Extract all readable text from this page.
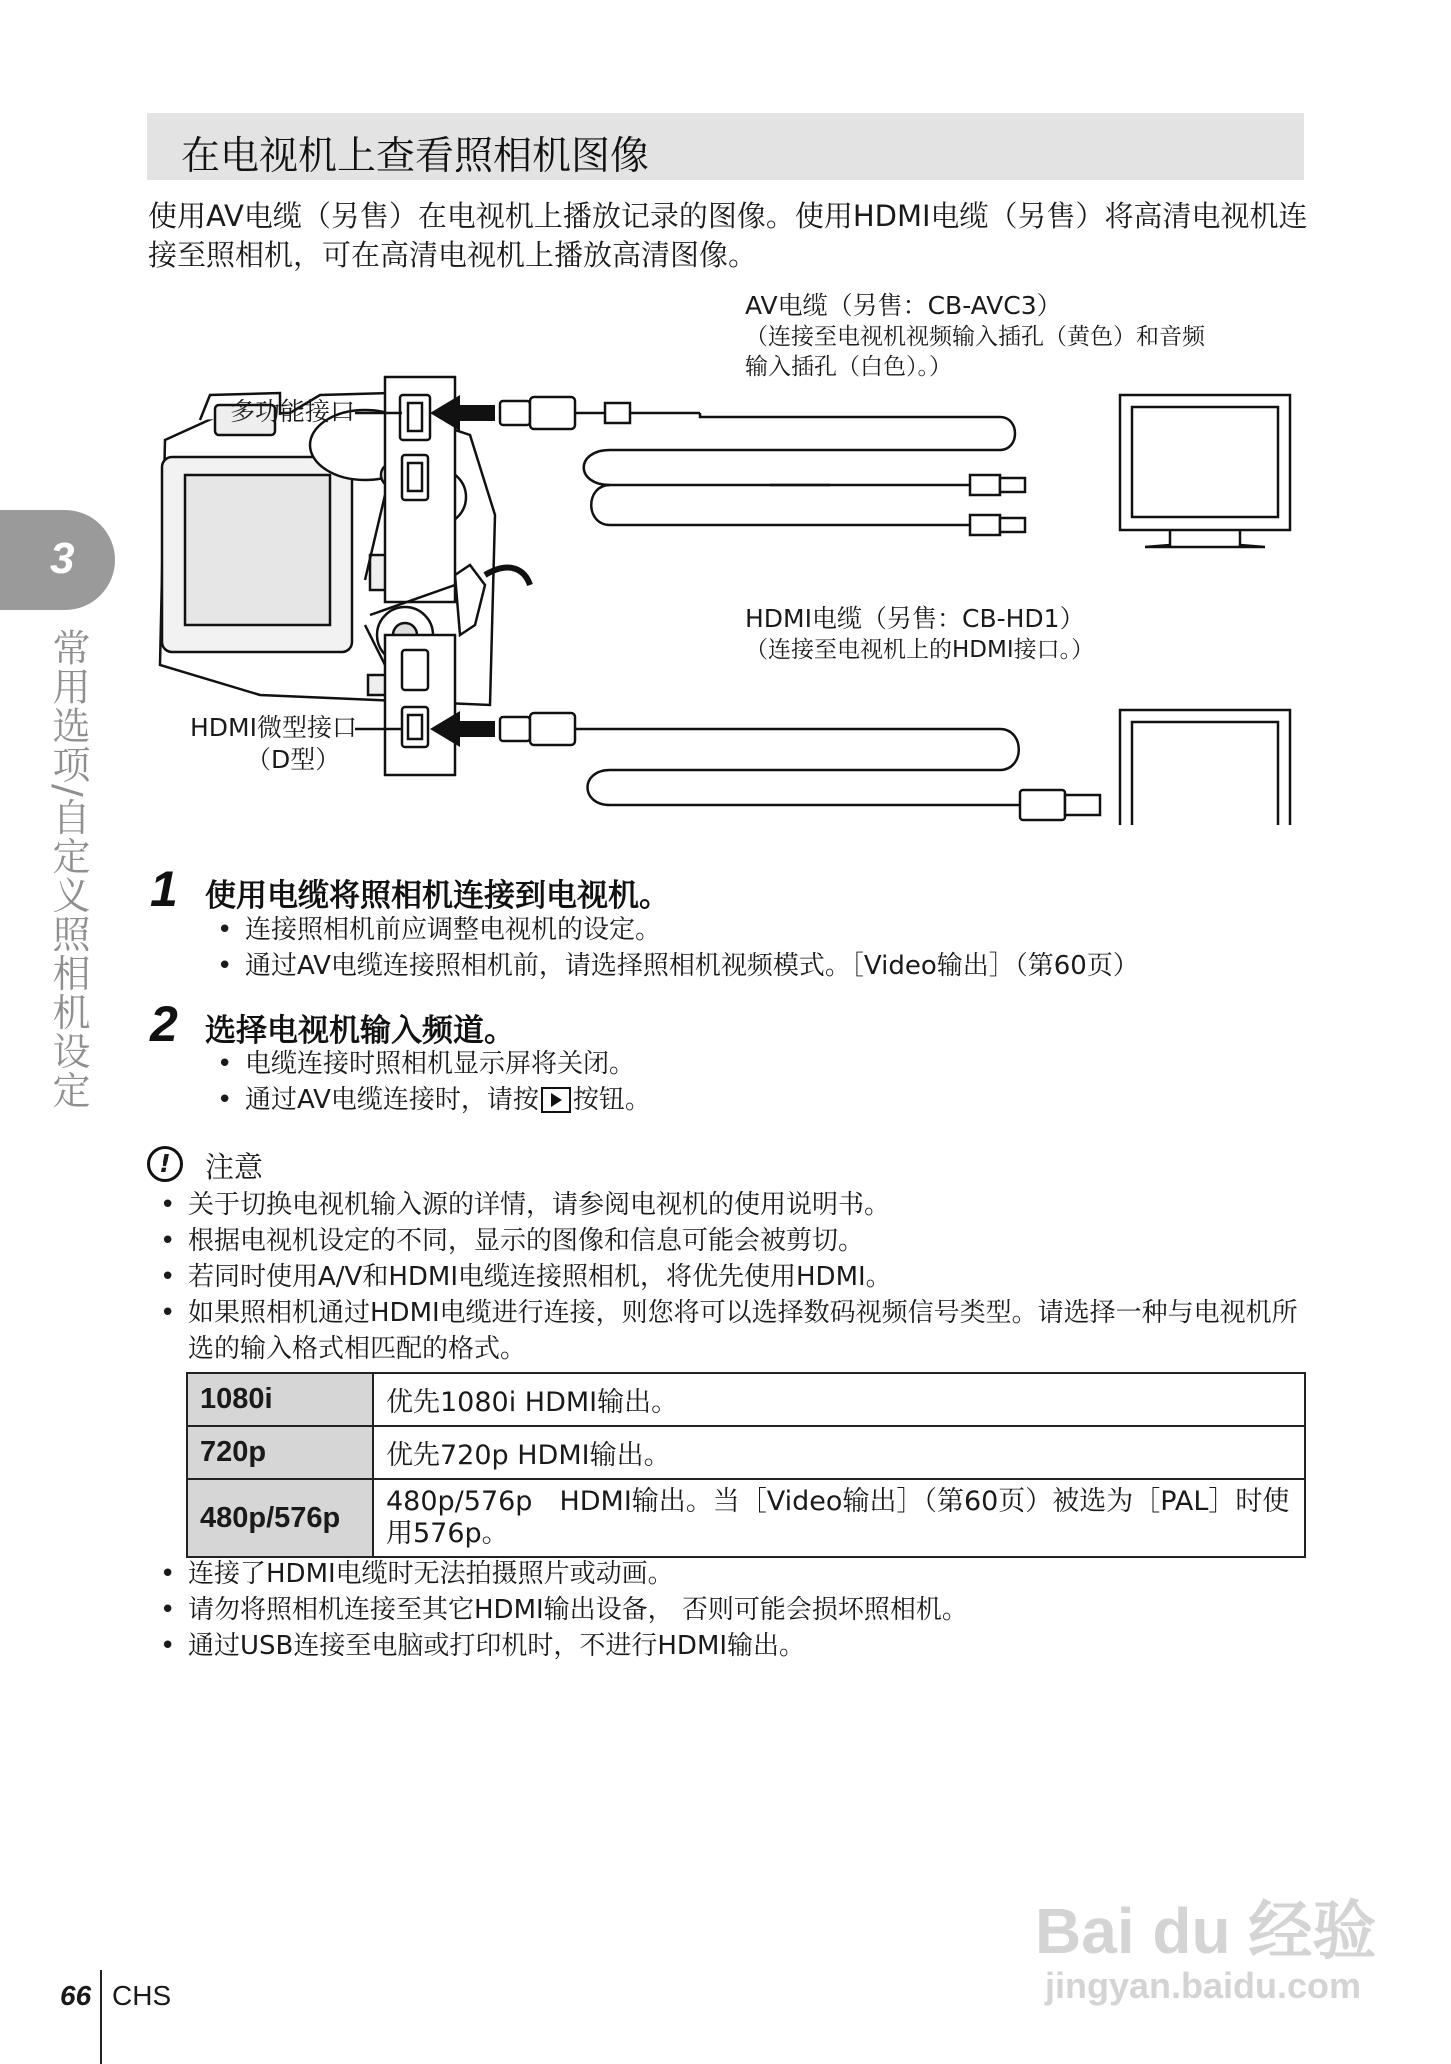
在电视机上查看照相机图像
使用AV电缆（另售）在电视机上播放记录的图像。使用HDMI电缆（另售）将高清电视机连接至照相机，可在高清电视机上播放高清图像。
3
常用选项/自定义照相机设定
AV电缆（另售：CB-AVC3）
（连接至电视机视频输入插孔（黄色）和音频
输入插孔（白色）。）
多功能接口
HDMI电缆（另售：CB-HD1）
（连接至电视机上的HDMI接口。）
HDMI微型接口
（D型）
1 使用电缆将照相机连接到电视机。
• 连接照相机前应调整电视机的设定。
• 通过AV电缆连接照相机前，请选择照相机视频模式。［Video输出］（第60页）
2 选择电视机输入频道。
• 电缆连接时照相机显示屏将关闭。
• 通过AV电缆连接时，请按 按钮。
!	注意
• 关于切换电视机输入源的详情，请参阅电视机的使用说明书。
• 根据电视机设定的不同，显示的图像和信息可能会被剪切。
• 若同时使用A/V和HDMI电缆连接照相机，将优先使用HDMI。
• 如果照相机通过HDMI电缆进行连接，则您将可以选择数码视频信号类型。请选择一种与电视机所选的输入格式相匹配的格式。
1080i	优先1080i HDMI输出。
720p	优先720p HDMI输出。
480p/576p	480p/576p　HDMI输出。当［Video输出］（第60页）被选为［PAL］时使用576p。
• 连接了HDMI电缆时无法拍摄照片或动画。
• 请勿将照相机连接至其它HDMI输出设备， 否则可能会损坏照相机。
• 通过USB连接至电脑或打印机时，不进行HDMI输出。
Bai du 经验
jingyan.baidu.com
66 CHS
